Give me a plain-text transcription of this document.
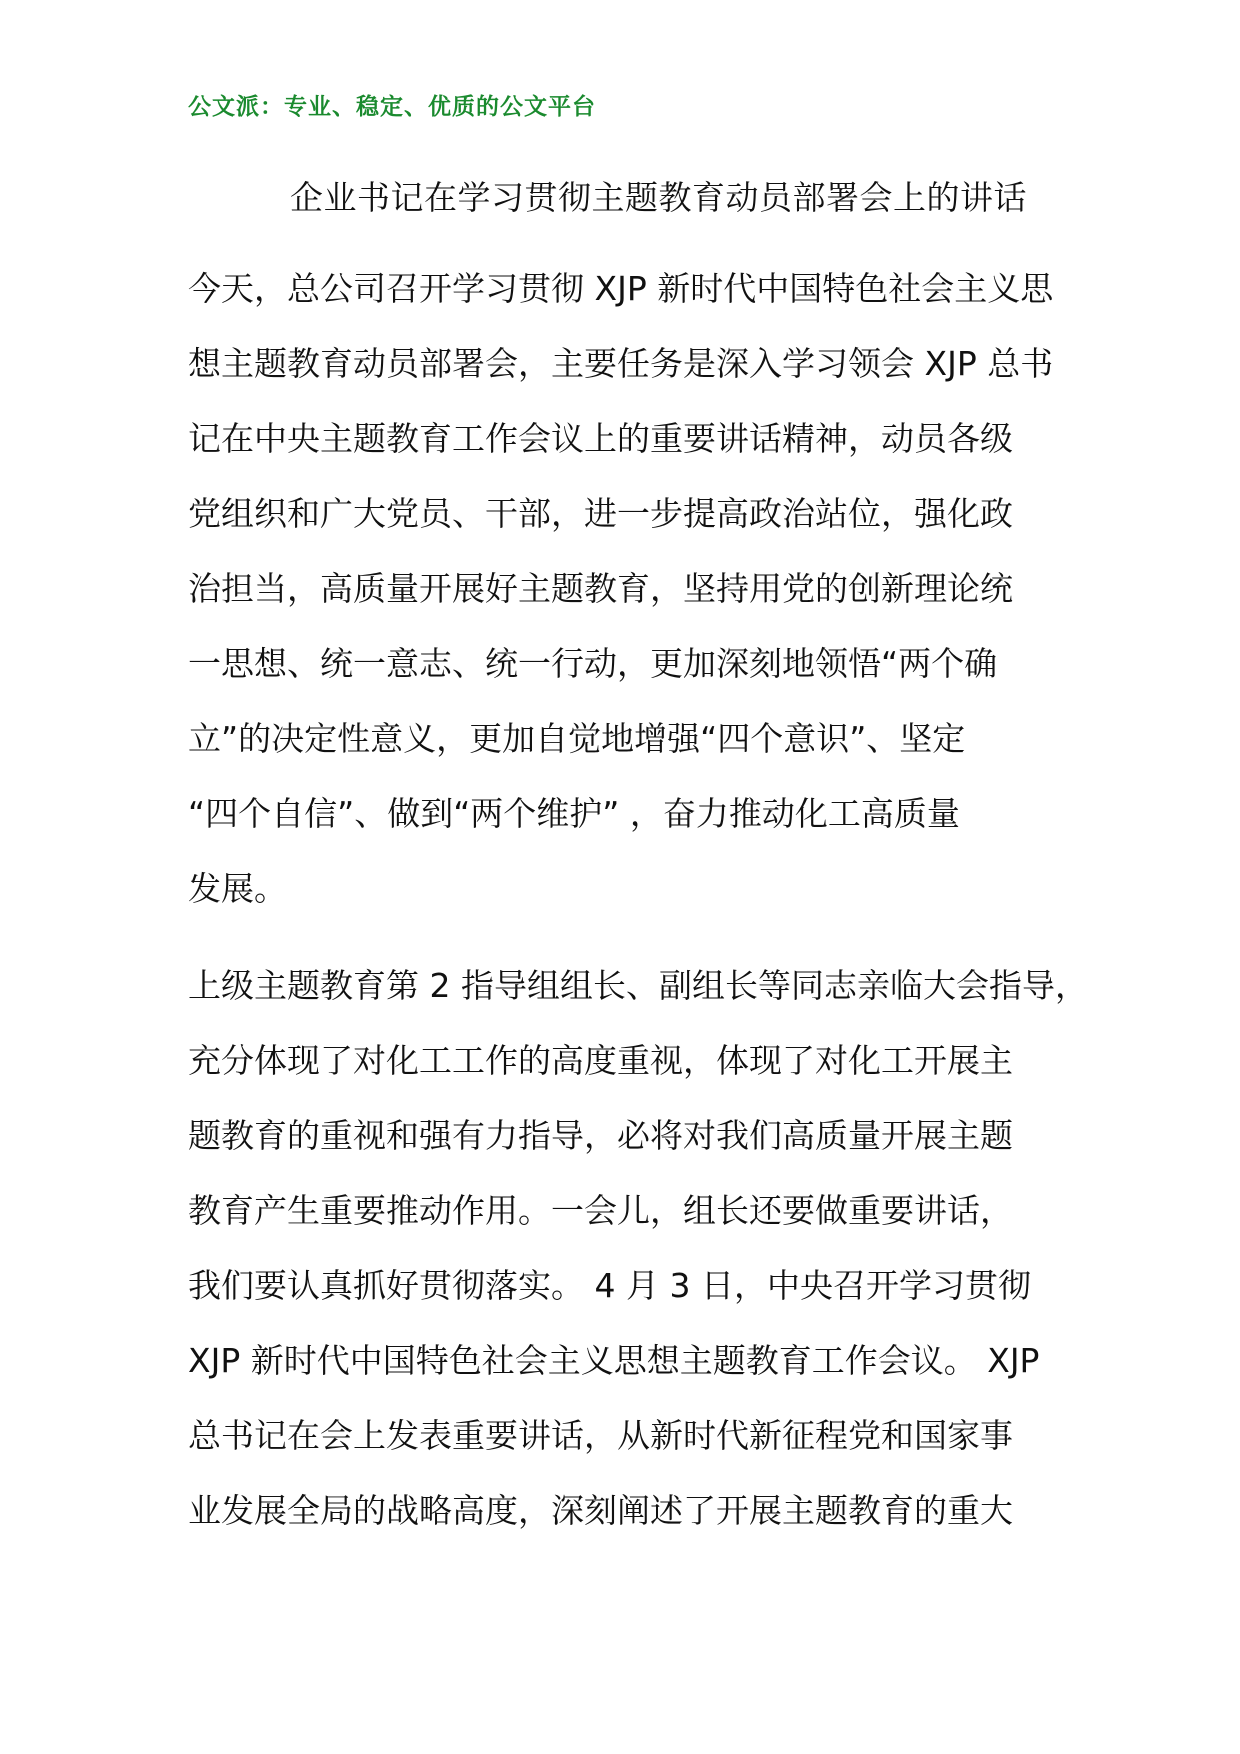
公文派：专业、稳定、优质的公文平台
企业书记在学习贯彻主题教育动员部署会上的讲话
今天，总公司召开学习贯彻 XJP 新时代中国特色社会主义思
想主题教育动员部署会，主要任务是深入学习领会 XJP 总书
记在中央主题教育工作会议上的重要讲话精神，动员各级
党组织和广大党员、干部，进一步提高政治站位，强化政
治担当，高质量开展好主题教育，坚持用党的创新理论统
一思想、统一意志、统一行动，更加深刻地领悟“两个确
立”的决定性意义，更加自觉地增强“四个意识”、坚定
“四个自信”、做到“两个维护” ，奋力推动化工高质量
发展。
上级主题教育第 2 指导组组长、副组长等同志亲临大会指导，
充分体现了对化工工作的高度重视，体现了对化工开展主
题教育的重视和强有力指导，必将对我们高质量开展主题
教育产生重要推动作用。一会儿，组长还要做重要讲话，
我们要认真抓好贯彻落实。 4 月 3 日，中央召开学习贯彻
XJP 新时代中国特色社会主义思想主题教育工作会议。 XJP
总书记在会上发表重要讲话，从新时代新征程党和国家事
业发展全局的战略高度，深刻阐述了开展主题教育的重大
